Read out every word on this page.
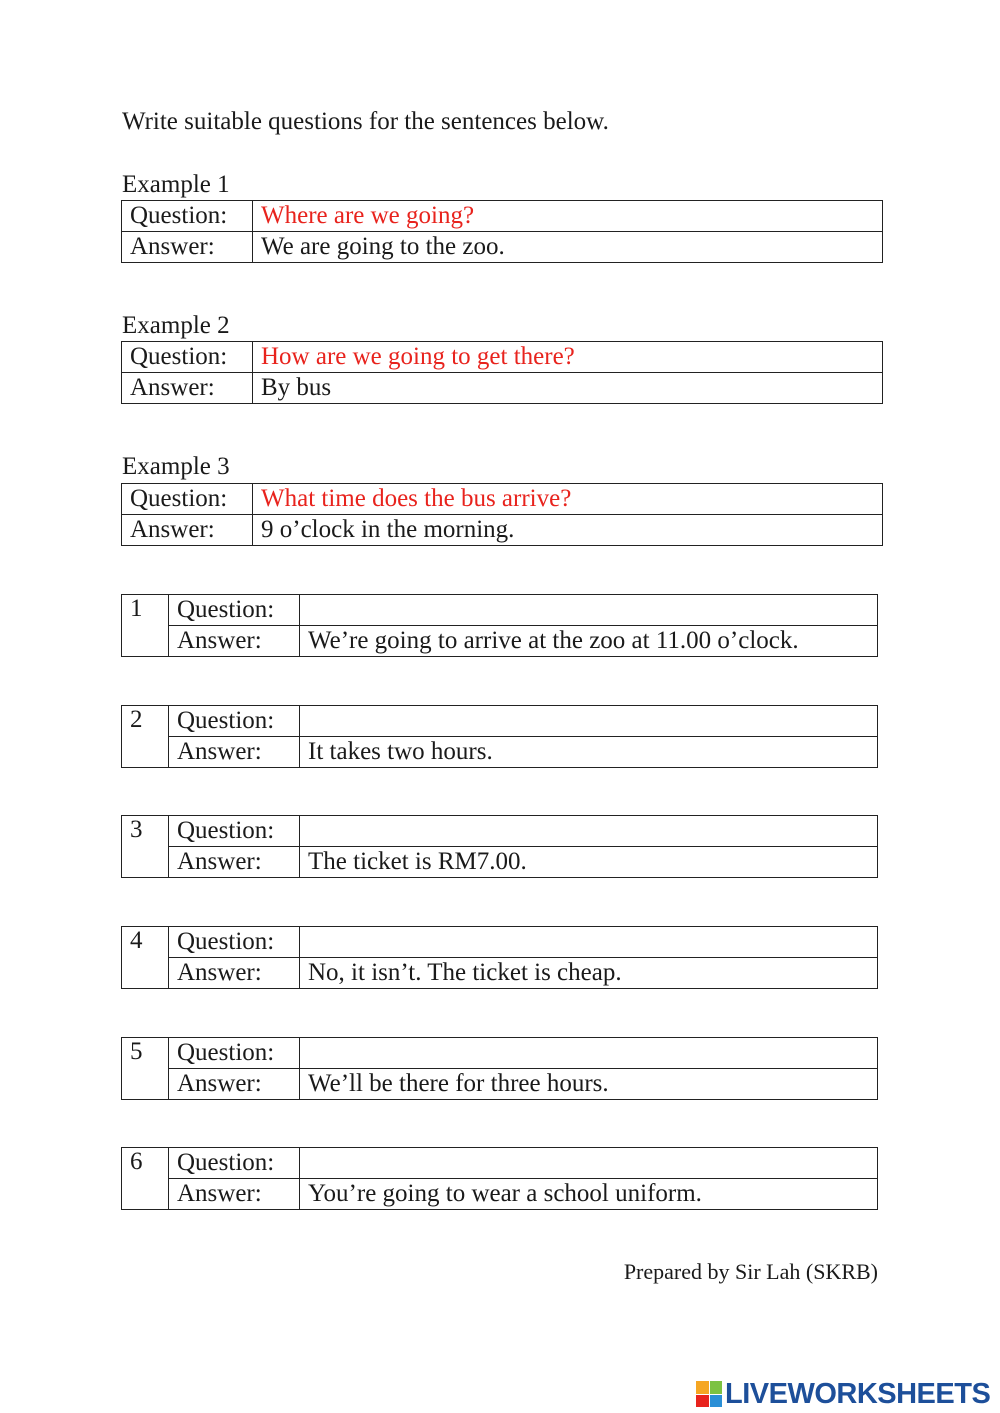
Write suitable questions for the sentences below.
Example 1
Question:	Where are we going?
Answer:	We are going to the zoo.
Example 2
Question:	How are we going to get there?
Answer:	By bus
Example 3
Question:	What time does the bus arrive?
Answer:	9 o’clock in the morning.
1	Question:	
	Answer:	We’re going to arrive at the zoo at 11.00 o’clock.
2	Question:	
	Answer:	It takes two hours.
3	Question:	
	Answer:	The ticket is RM7.00.
4	Question:	
	Answer:	No, it isn’t. The ticket is cheap.
5	Question:	
	Answer:	We’ll be there for three hours.
6	Question:	
	Answer:	You’re going to wear a school uniform.
Prepared by Sir Lah (SKRB)
LIVEWORKSHEETS
